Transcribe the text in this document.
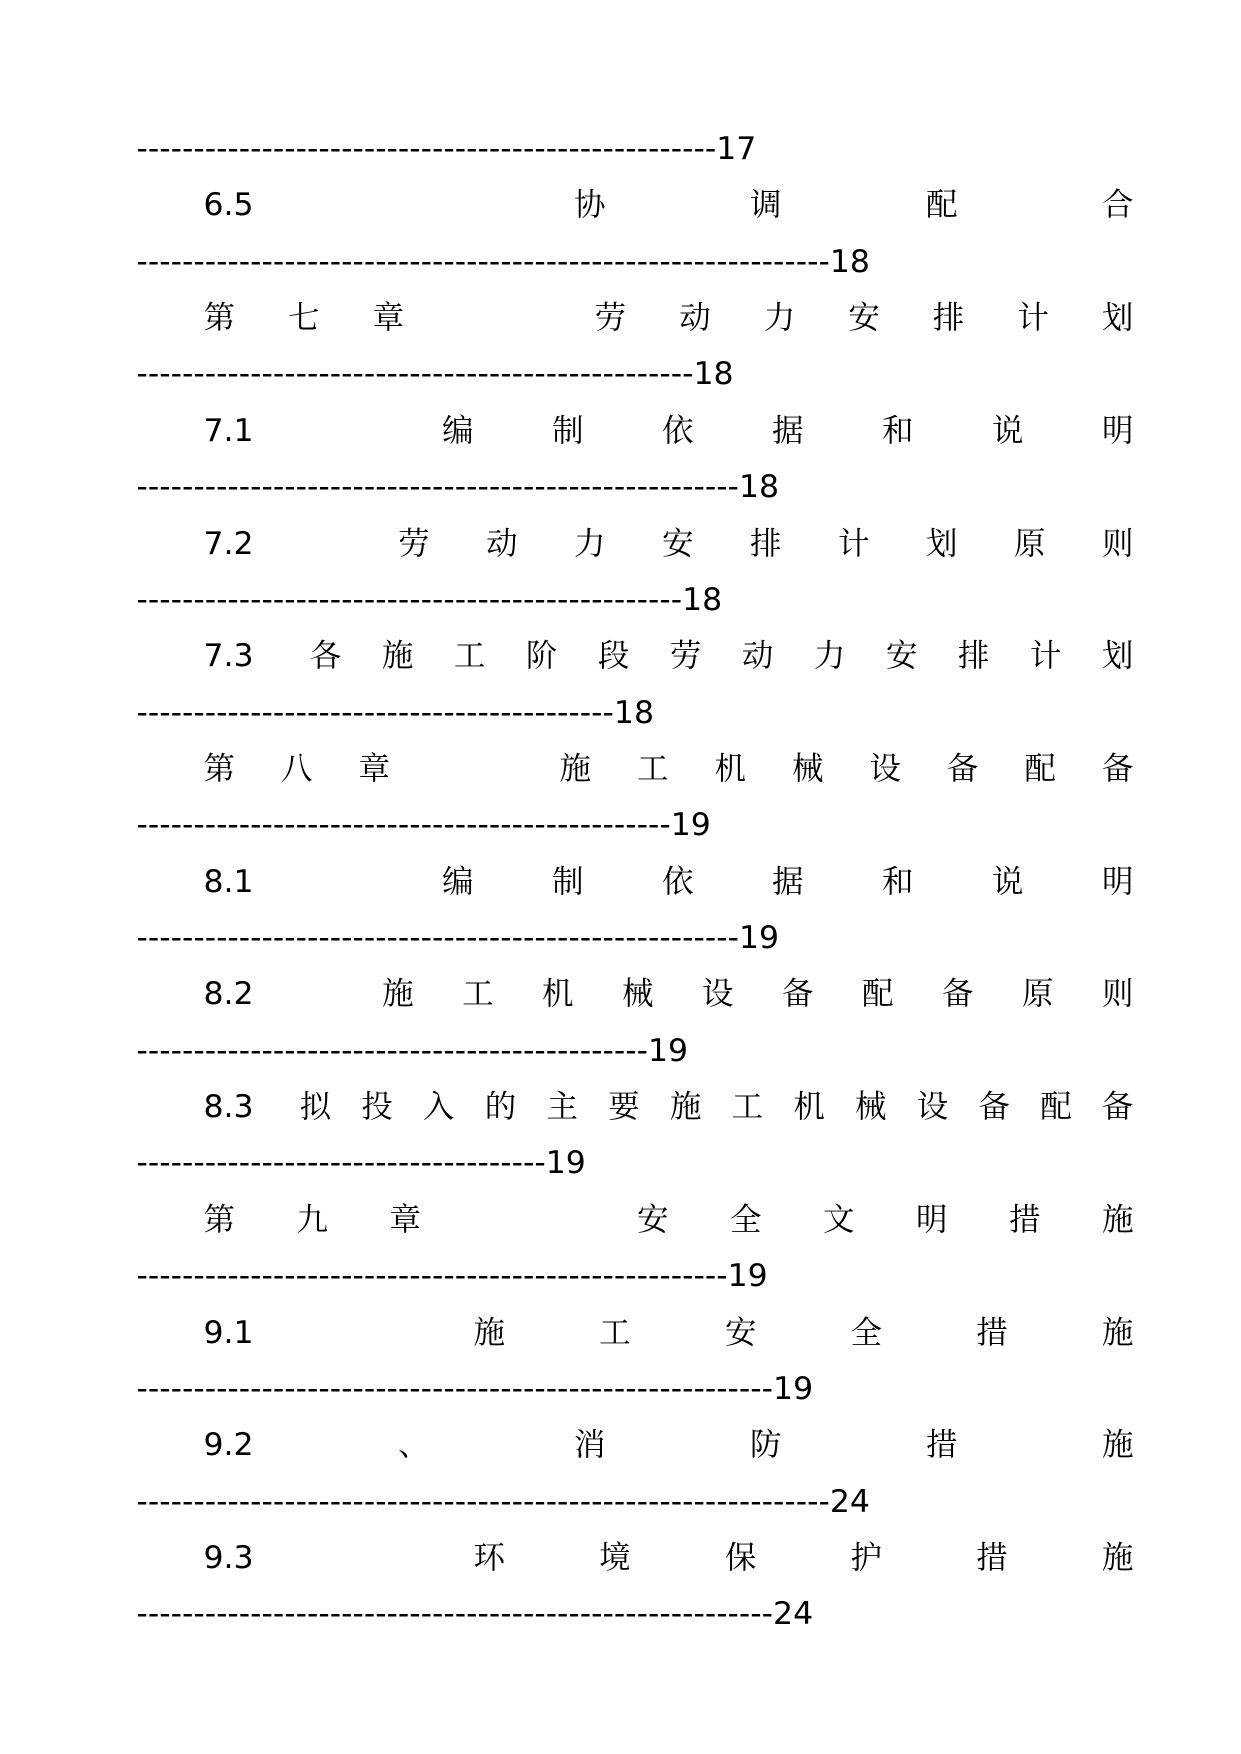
---------------------------------------------------17
6.5	协	调	配	合
-------------------------------------------------------------18
第 七 章	劳 动 力 安 排 计 划
-------------------------------------------------18
7.1	编 制 依 据 和 说 明
-----------------------------------------------------18
7.2	劳 动 力 安 排 计 划 原 则
------------------------------------------------18
7.3 各 施 工 阶 段 劳 动 力 安 排 计 划
------------------------------------------18
第 八 章	施 工 机 械 设 备 配 备
-----------------------------------------------19
8.1	编 制 依 据 和 说 明
-----------------------------------------------------19
8.2	施 工 机 械 设 备 配 备 原 则
---------------------------------------------19
8.3 拟 投 入 的 主 要 施 工 机 械 设 备 配 备
------------------------------------19
第 九 章	安 全 文 明 措 施
----------------------------------------------------19
9.1	施	工	安	全	措	施
--------------------------------------------------------19
9.2	、	消	防	措	施
-------------------------------------------------------------24
9.3	环	境	保	护	措	施
--------------------------------------------------------24
